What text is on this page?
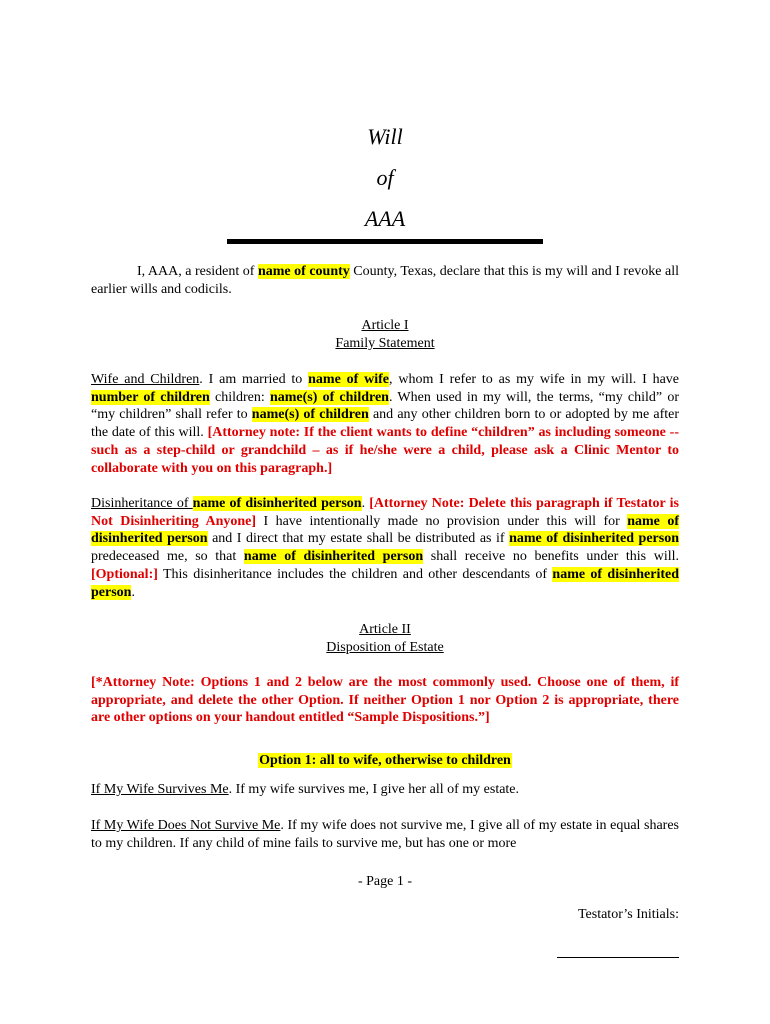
Will
of
AAA
I, AAA, a resident of name of county County, Texas, declare that this is my will and I revoke all earlier wills and codicils.
Article I
Family Statement
Wife and Children. I am married to name of wife, whom I refer to as my wife in my will. I have number of children children: name(s) of children. When used in my will, the terms, “my child” or “my children” shall refer to name(s) of children and any other children born to or adopted by me after the date of this will. [Attorney note: If the client wants to define “children” as including someone -- such as a step-child or grandchild – as if he/she were a child, please ask a Clinic Mentor to collaborate with you on this paragraph.]
Disinheritance of name of disinherited person. [Attorney Note: Delete this paragraph if Testator is Not Disinheriting Anyone] I have intentionally made no provision under this will for name of disinherited person and I direct that my estate shall be distributed as if name of disinherited person predeceased me, so that name of disinherited person shall receive no benefits under this will. [Optional:] This disinheritance includes the children and other descendants of name of disinherited person.
Article II
Disposition of Estate
[*Attorney Note: Options 1 and 2 below are the most commonly used. Choose one of them, if appropriate, and delete the other Option. If neither Option 1 nor Option 2 is appropriate, there are other options on your handout entitled “Sample Dispositions.”]
Option 1: all to wife, otherwise to children
If My Wife Survives Me. If my wife survives me, I give her all of my estate.
If My Wife Does Not Survive Me. If my wife does not survive me, I give all of my estate in equal shares to my children. If any child of mine fails to survive me, but has one or more
- Page 1 -
Testator’s Initials:
